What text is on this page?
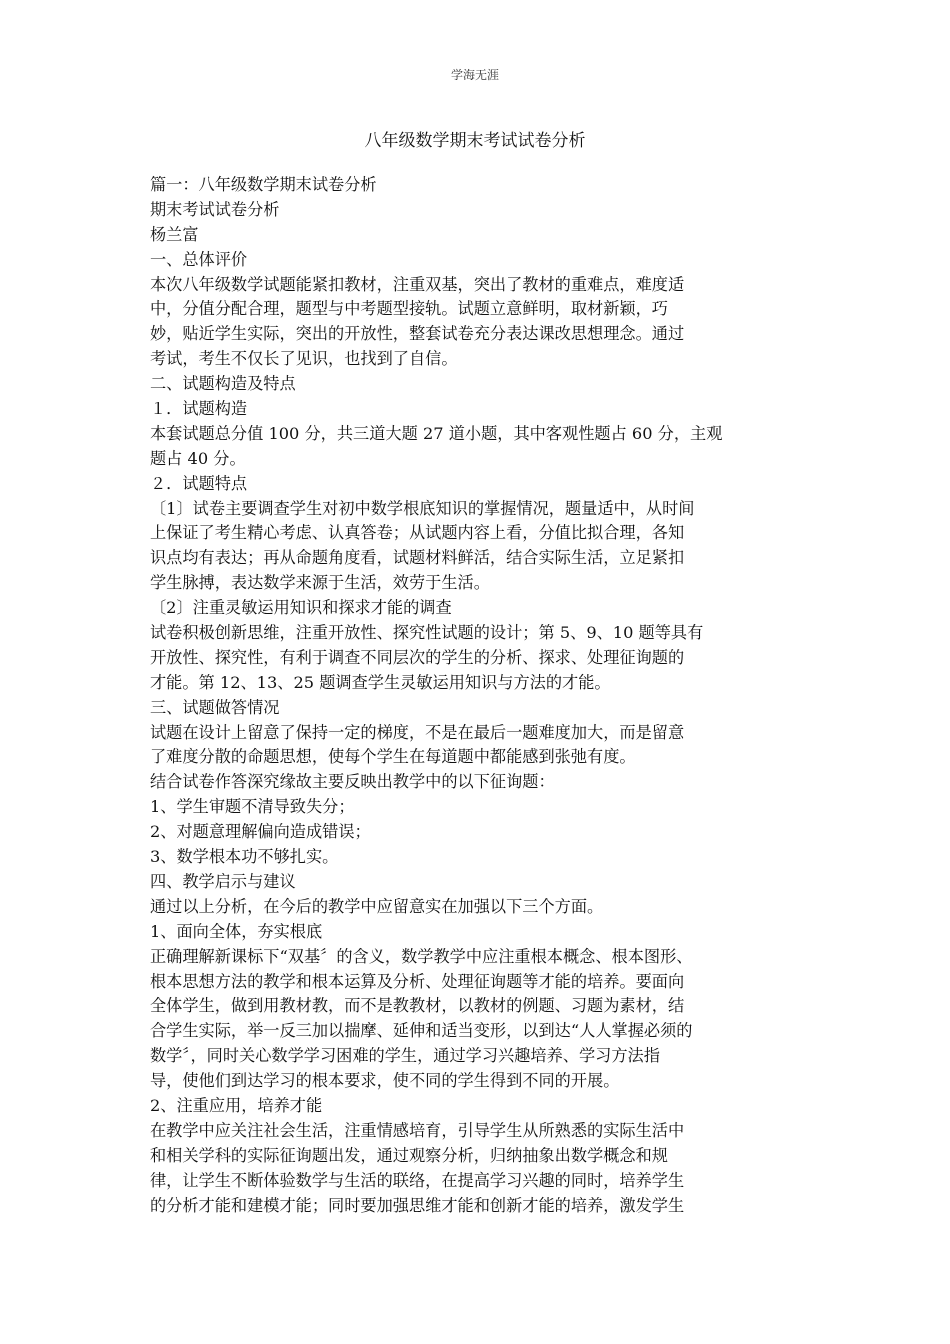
学海无涯
八年级数学期末考试试卷分析
篇一：八年级数学期末试卷分析
期末考试试卷分析
杨兰富
一、总体评价
本次八年级数学试题能紧扣教材，注重双基，突出了教材的重难点，难度适
中，分值分配合理，题型与中考题型接轨。试题立意鲜明，取材新颖，巧
妙，贴近学生实际，突出的开放性，整套试卷充分表达课改思想理念。通过
考试，考生不仅长了见识，也找到了自信。
二、试题构造及特点
１．试题构造
本套试题总分值 100 分，共三道大题 27 道小题，其中客观性题占 60 分，主观
题占 40 分。
２．试题特点
〔1〕试卷主要调查学生对初中数学根底知识的掌握情况，题量适中，从时间
上保证了考生精心考虑、认真答卷；从试题内容上看，分值比拟合理，各知
识点均有表达；再从命题角度看，试题材料鲜活，结合实际生活，立足紧扣
学生脉搏，表达数学来源于生活，效劳于生活。
〔2〕注重灵敏运用知识和探求才能的调查
试卷积极创新思维，注重开放性、探究性试题的设计；第 5、9、10 题等具有
开放性、探究性，有利于调查不同层次的学生的分析、探求、处理征询题的
才能。第 12、13、25 题调查学生灵敏运用知识与方法的才能。
三、试题做答情况
试题在设计上留意了保持一定的梯度，不是在最后一题难度加大，而是留意
了难度分散的命题思想，使每个学生在每道题中都能感到张弛有度。
结合试卷作答深究缘故主要反映出教学中的以下征询题：
1、学生审题不清导致失分；
2、对题意理解偏向造成错误；
3、数学根本功不够扎实。
四、教学启示与建议
通过以上分析，在今后的教学中应留意实在加强以下三个方面。
1、面向全体，夯实根底
正确理解新课标下“双基〞的含义，数学教学中应注重根本概念、根本图形、
根本思想方法的教学和根本运算及分析、处理征询题等才能的培养。要面向
全体学生，做到用教材教，而不是教教材，以教材的例题、习题为素材，结
合学生实际，举一反三加以揣摩、延伸和适当变形，以到达“人人掌握必须的
数学〞，同时关心数学学习困难的学生，通过学习兴趣培养、学习方法指
导，使他们到达学习的根本要求，使不同的学生得到不同的开展。
2、注重应用，培养才能
在教学中应关注社会生活，注重情感培育，引导学生从所熟悉的实际生活中
和相关学科的实际征询题出发，通过观察分析，归纳抽象出数学概念和规
律，让学生不断体验数学与生活的联络，在提高学习兴趣的同时，培养学生
的分析才能和建模才能；同时要加强思维才能和创新才能的培养，激发学生
